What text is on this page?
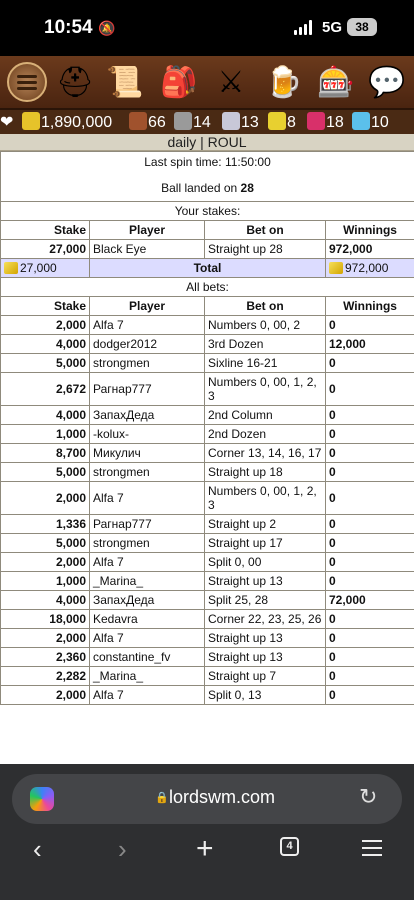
10:54 🔕	5G	38
⛑ 📜 🎒 ⚔ 🍺 🎰 💬
❤	1,890,000	66	14	13	8	18	10
daily | ROUL
Last spin time: 11:50:00
Ball landed on 28			

Your stakes:			
Stake	Player	Bet on	Winnings
27,000	Black Eye	Straight up 28	972,000
27,000	Total		972,000
All bets:			
Stake	Player	Bet on	Winnings
2,000	Alfa 7	Numbers 0, 00, 2	0
4,000	dodger2012	3rd Dozen	12,000
5,000	strongmen	Sixline 16-21	0
2,672	Рагнар777	Numbers 0, 00, 1, 2, 3	0
4,000	ЗапахДеда	2nd Column	0
1,000	-kolux-	2nd Dozen	0
8,700	Микулич	Corner 13, 14, 16, 17	0
5,000	strongmen	Straight up 18	0
2,000	Alfa 7	Numbers 0, 00, 1, 2, 3	0
1,336	Рагнар777	Straight up 2	0
5,000	strongmen	Straight up 17	0
2,000	Alfa 7	Split 0, 00	0
1,000	_Marina_	Straight up 13	0
4,000	ЗапахДеда	Split 25, 28	72,000
18,000	Kedavra	Corner 22, 23, 25, 26	0
2,000	Alfa 7	Straight up 13	0
2,360	constantine_fv	Straight up 13	0
2,282	_Marina_	Straight up 7	0
2,000	Alfa 7	Split 0, 13	0
🔒 lordswm.com	↻
‹	› +	4
